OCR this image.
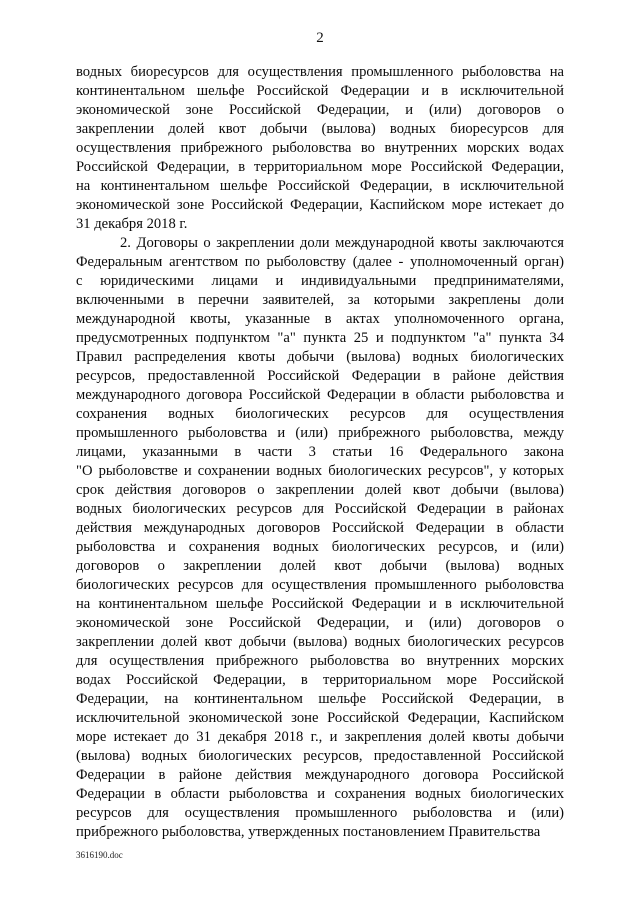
2
водных биоресурсов для осуществления промышленного рыболовства на
континентальном шельфе Российской Федерации и в исключительной
экономической зоне Российской Федерации, и (или) договоров о
закреплении долей квот добычи (вылова) водных биоресурсов для
осуществления прибрежного рыболовства во внутренних морских водах
Российской Федерации, в территориальном море Российской Федерации,
на континентальном шельфе Российской Федерации, в исключительной
экономической зоне Российской Федерации, Каспийском море истекает до
31 декабря 2018 г.
2. Договоры о закреплении доли международной квоты заключаются
Федеральным агентством по рыболовству (далее - уполномоченный орган)
с юридическими лицами и индивидуальными предпринимателями,
включенными в перечни заявителей, за которыми закреплены доли
международной квоты, указанные в актах уполномоченного органа,
предусмотренных подпунктом "а" пункта 25 и подпунктом "а" пункта 34
Правил распределения квоты добычи (вылова) водных биологических
ресурсов, предоставленной Российской Федерации в районе действия
международного договора Российской Федерации в области рыболовства и
сохранения водных биологических ресурсов для осуществления
промышленного рыболовства и (или) прибрежного рыболовства, между
лицами, указанными в части 3 статьи 16 Федерального закона
"О рыболовстве и сохранении водных биологических ресурсов", у которых
срок действия договоров о закреплении долей квот добычи (вылова)
водных биологических ресурсов для Российской Федерации в районах
действия международных договоров Российской Федерации в области
рыболовства и сохранения водных биологических ресурсов, и (или)
договоров о закреплении долей квот добычи (вылова) водных
биологических ресурсов для осуществления промышленного рыболовства
на континентальном шельфе Российской Федерации и в исключительной
экономической зоне Российской Федерации, и (или) договоров о
закреплении долей квот добычи (вылова) водных биологических ресурсов
для осуществления прибрежного рыболовства во внутренних морских
водах Российской Федерации, в территориальном море Российской
Федерации, на континентальном шельфе Российской Федерации, в
исключительной экономической зоне Российской Федерации, Каспийском
море истекает до 31 декабря 2018 г., и закрепления долей квоты добычи
(вылова) водных биологических ресурсов, предоставленной Российской
Федерации в районе действия международного договора Российской
Федерации в области рыболовства и сохранения водных биологических
ресурсов для осуществления промышленного рыболовства и (или)
прибрежного рыболовства, утвержденных постановлением Правительства
3616190.doc
